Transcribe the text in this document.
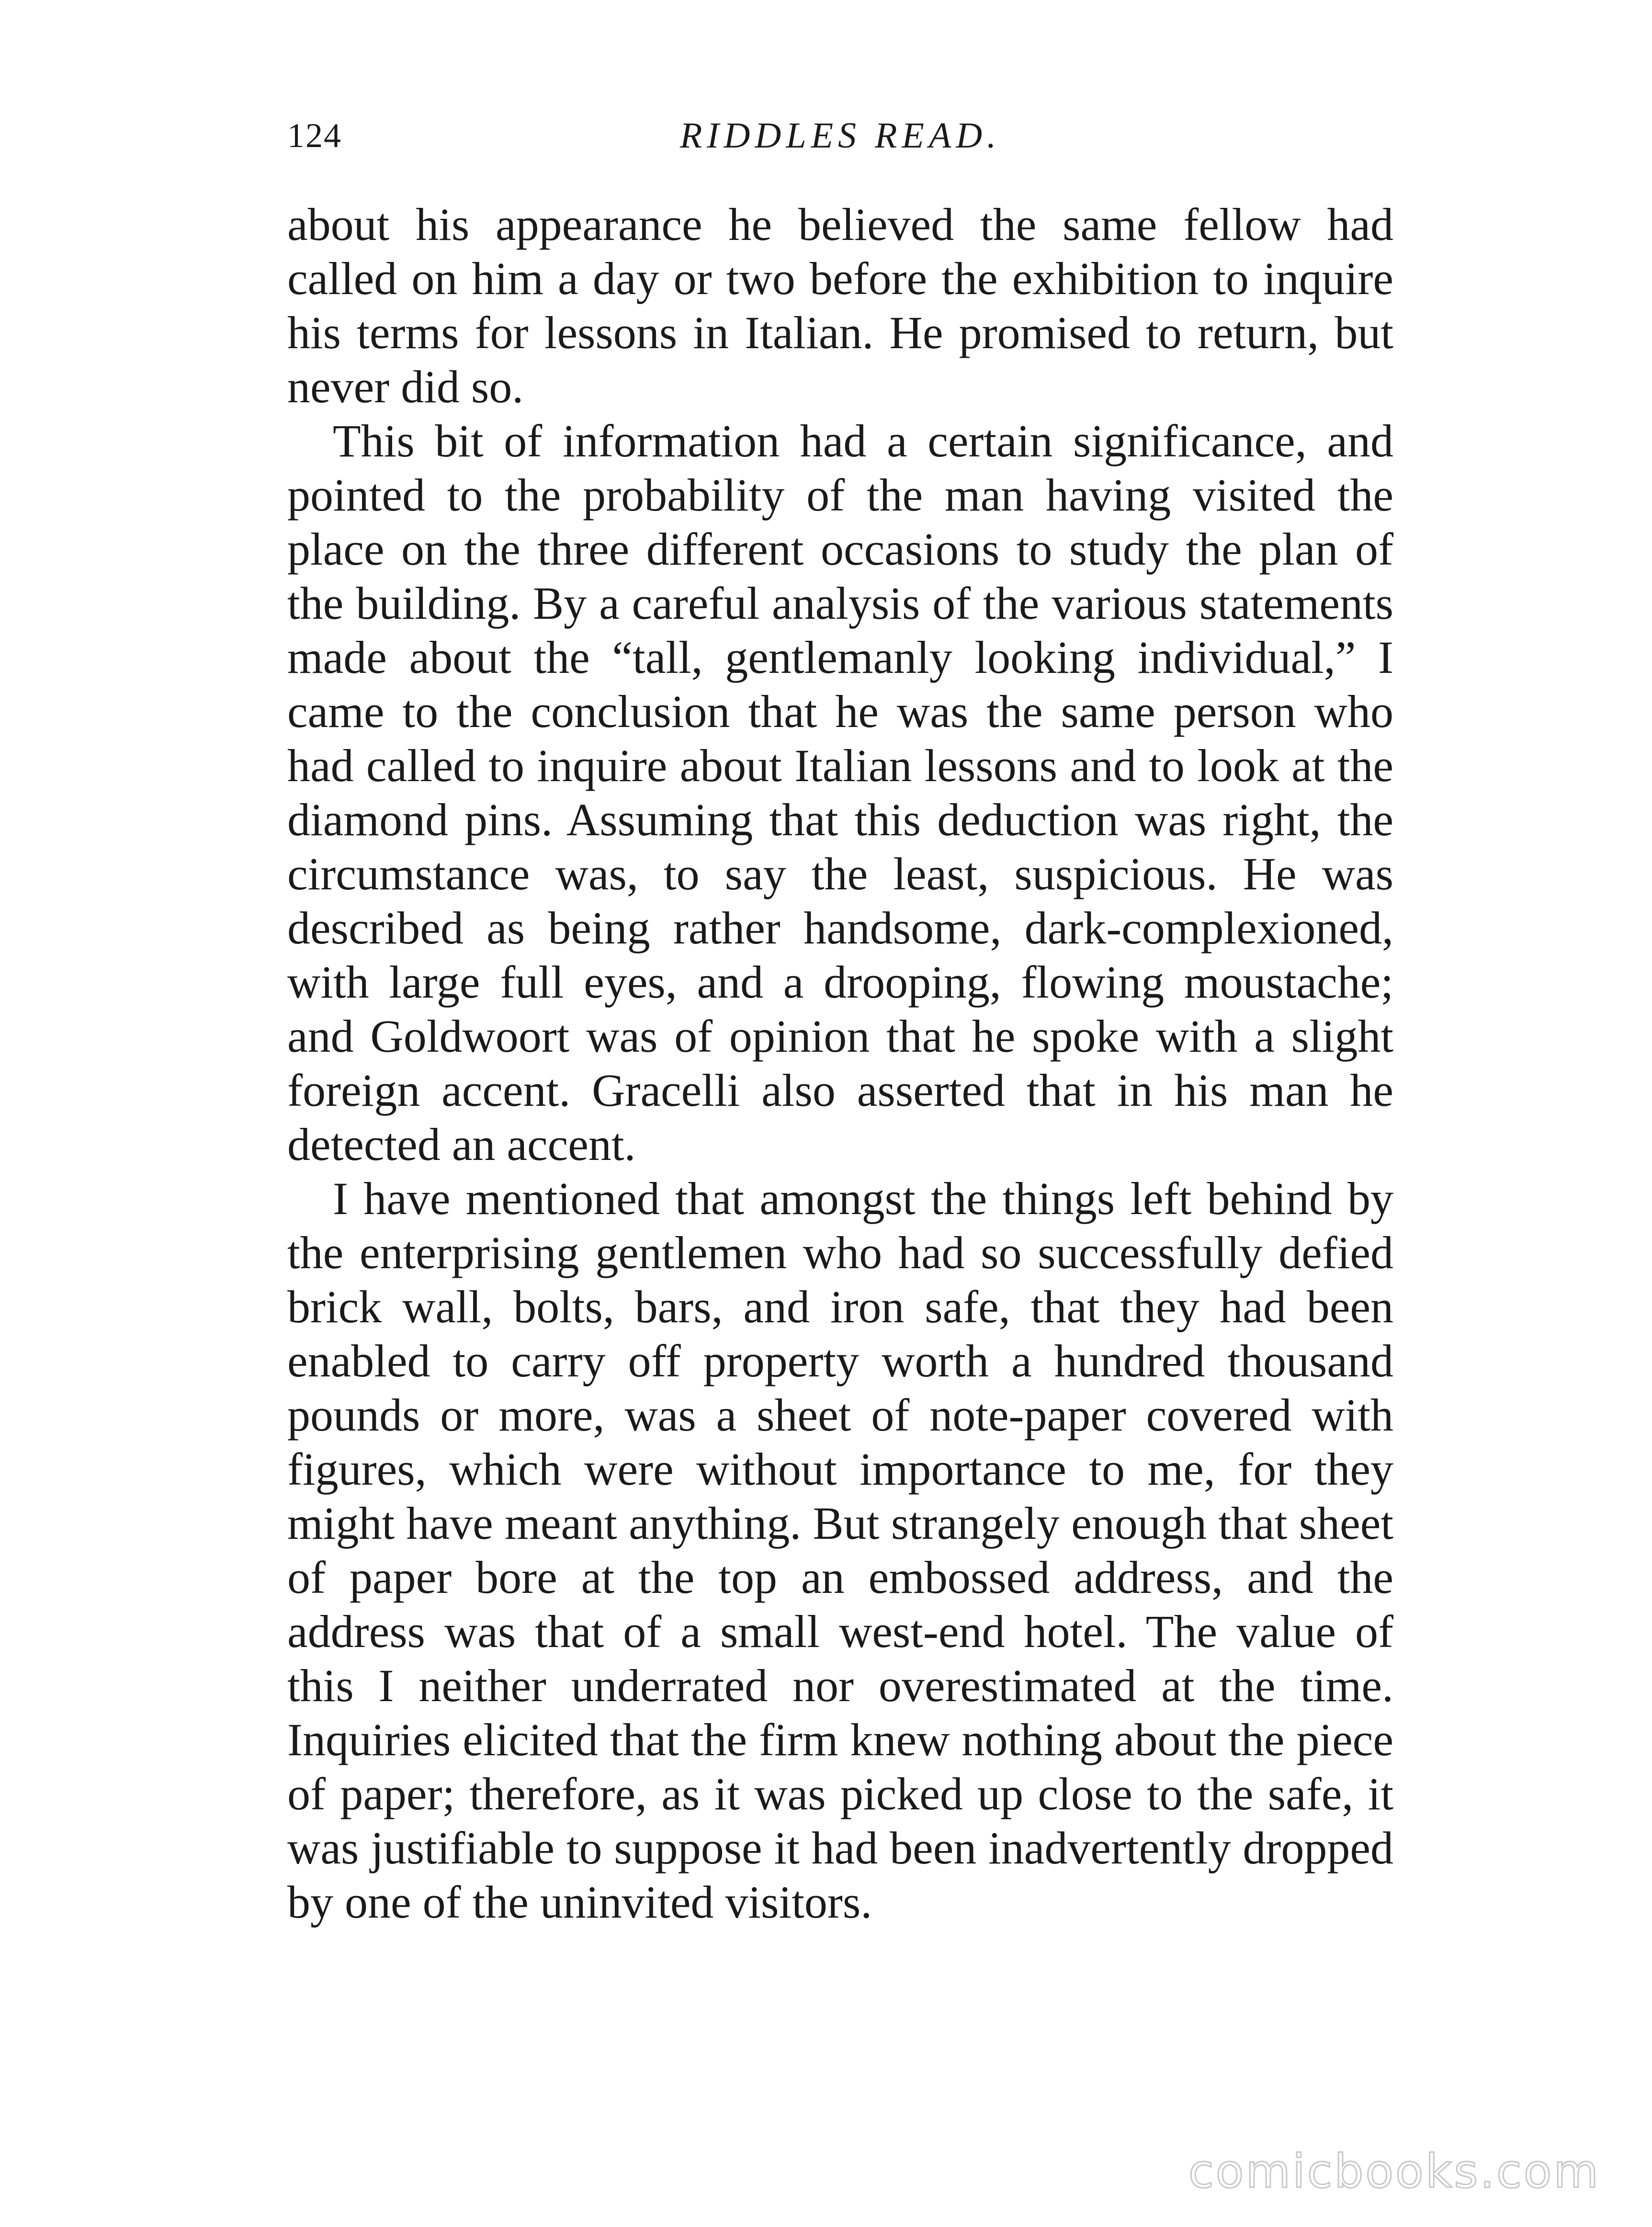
124	RIDDLES READ.

about his appearance he believed the same fellow had called on him a day or two before the exhibition to inquire his terms for lessons in Italian. He promised to return, but never did so.

This bit of information had a certain significance, and pointed to the probability of the man having visited the place on the three different occasions to study the plan of the building. By a careful analysis of the various statements made about the “tall, gentlemanly looking individual,” I came to the conclusion that he was the same person who had called to inquire about Italian lessons and to look at the diamond pins. Assuming that this deduction was right, the circumstance was, to say the least, suspicious. He was described as being rather handsome, dark-complexioned, with large full eyes, and a drooping, flowing moustache; and Goldwoort was of opinion that he spoke with a slight foreign accent. Gracelli also asserted that in his man he detected an accent.

I have mentioned that amongst the things left behind by the enterprising gentlemen who had so successfully defied brick wall, bolts, bars, and iron safe, that they had been enabled to carry off property worth a hundred thousand pounds or more, was a sheet of note-paper covered with figures, which were without importance to me, for they might have meant anything. But strangely enough that sheet of paper bore at the top an embossed address, and the address was that of a small west-end hotel. The value of this I neither underrated nor overestimated at the time. Inquiries elicited that the firm knew nothing about the piece of paper; therefore, as it was picked up close to the safe, it was justifiable to suppose it had been inadvertently dropped by one of the uninvited visitors.

comicbooks.com
